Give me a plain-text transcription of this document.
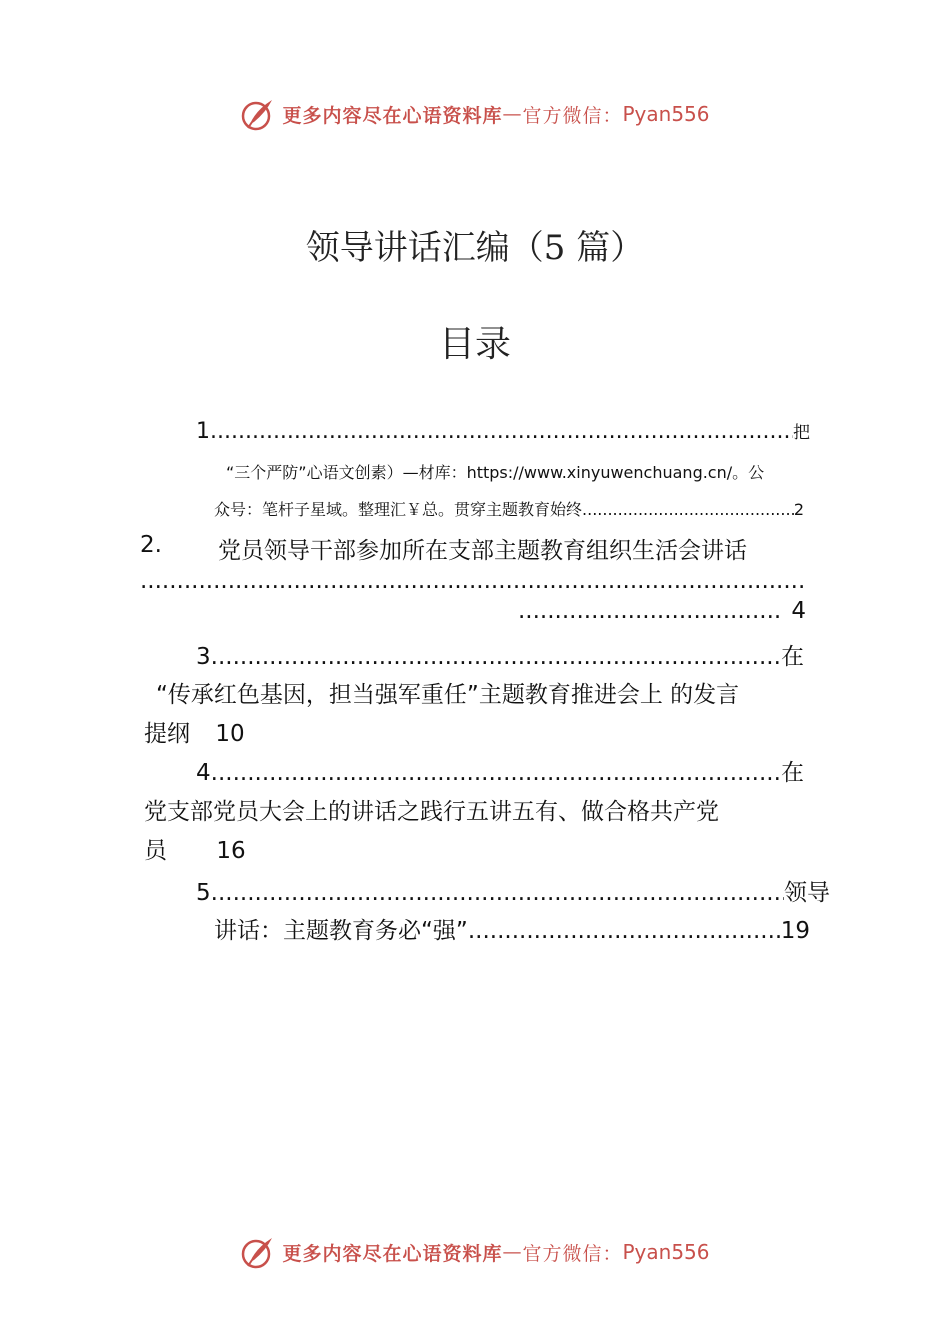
更多内容尽在心语资料库 — 官方微信： Pyan556
领导讲话汇编（5 篇）
目录
1 .....	把
“三个严防”心语文创素）—材库：https://www.xinyuwenchuang.cn/。公
众号：笔杆子星域。整理汇￥总。贯穿主题教育始终 .....	2
2. 党员领导干部参加所在支部主题教育组织生活会讲话
.....
.....
4
3 .....	在
“传承红色基因，担当强军重任”主题教育推进会上 的发言
提纲 10
4 .....	在
党支部党员大会上的讲话之践行五讲五有、做合格共产党
员 16
5 .....	领导
讲话：主题教育务必“强” .....	19
更多内容尽在心语资料库 — 官方微信： Pyan556
